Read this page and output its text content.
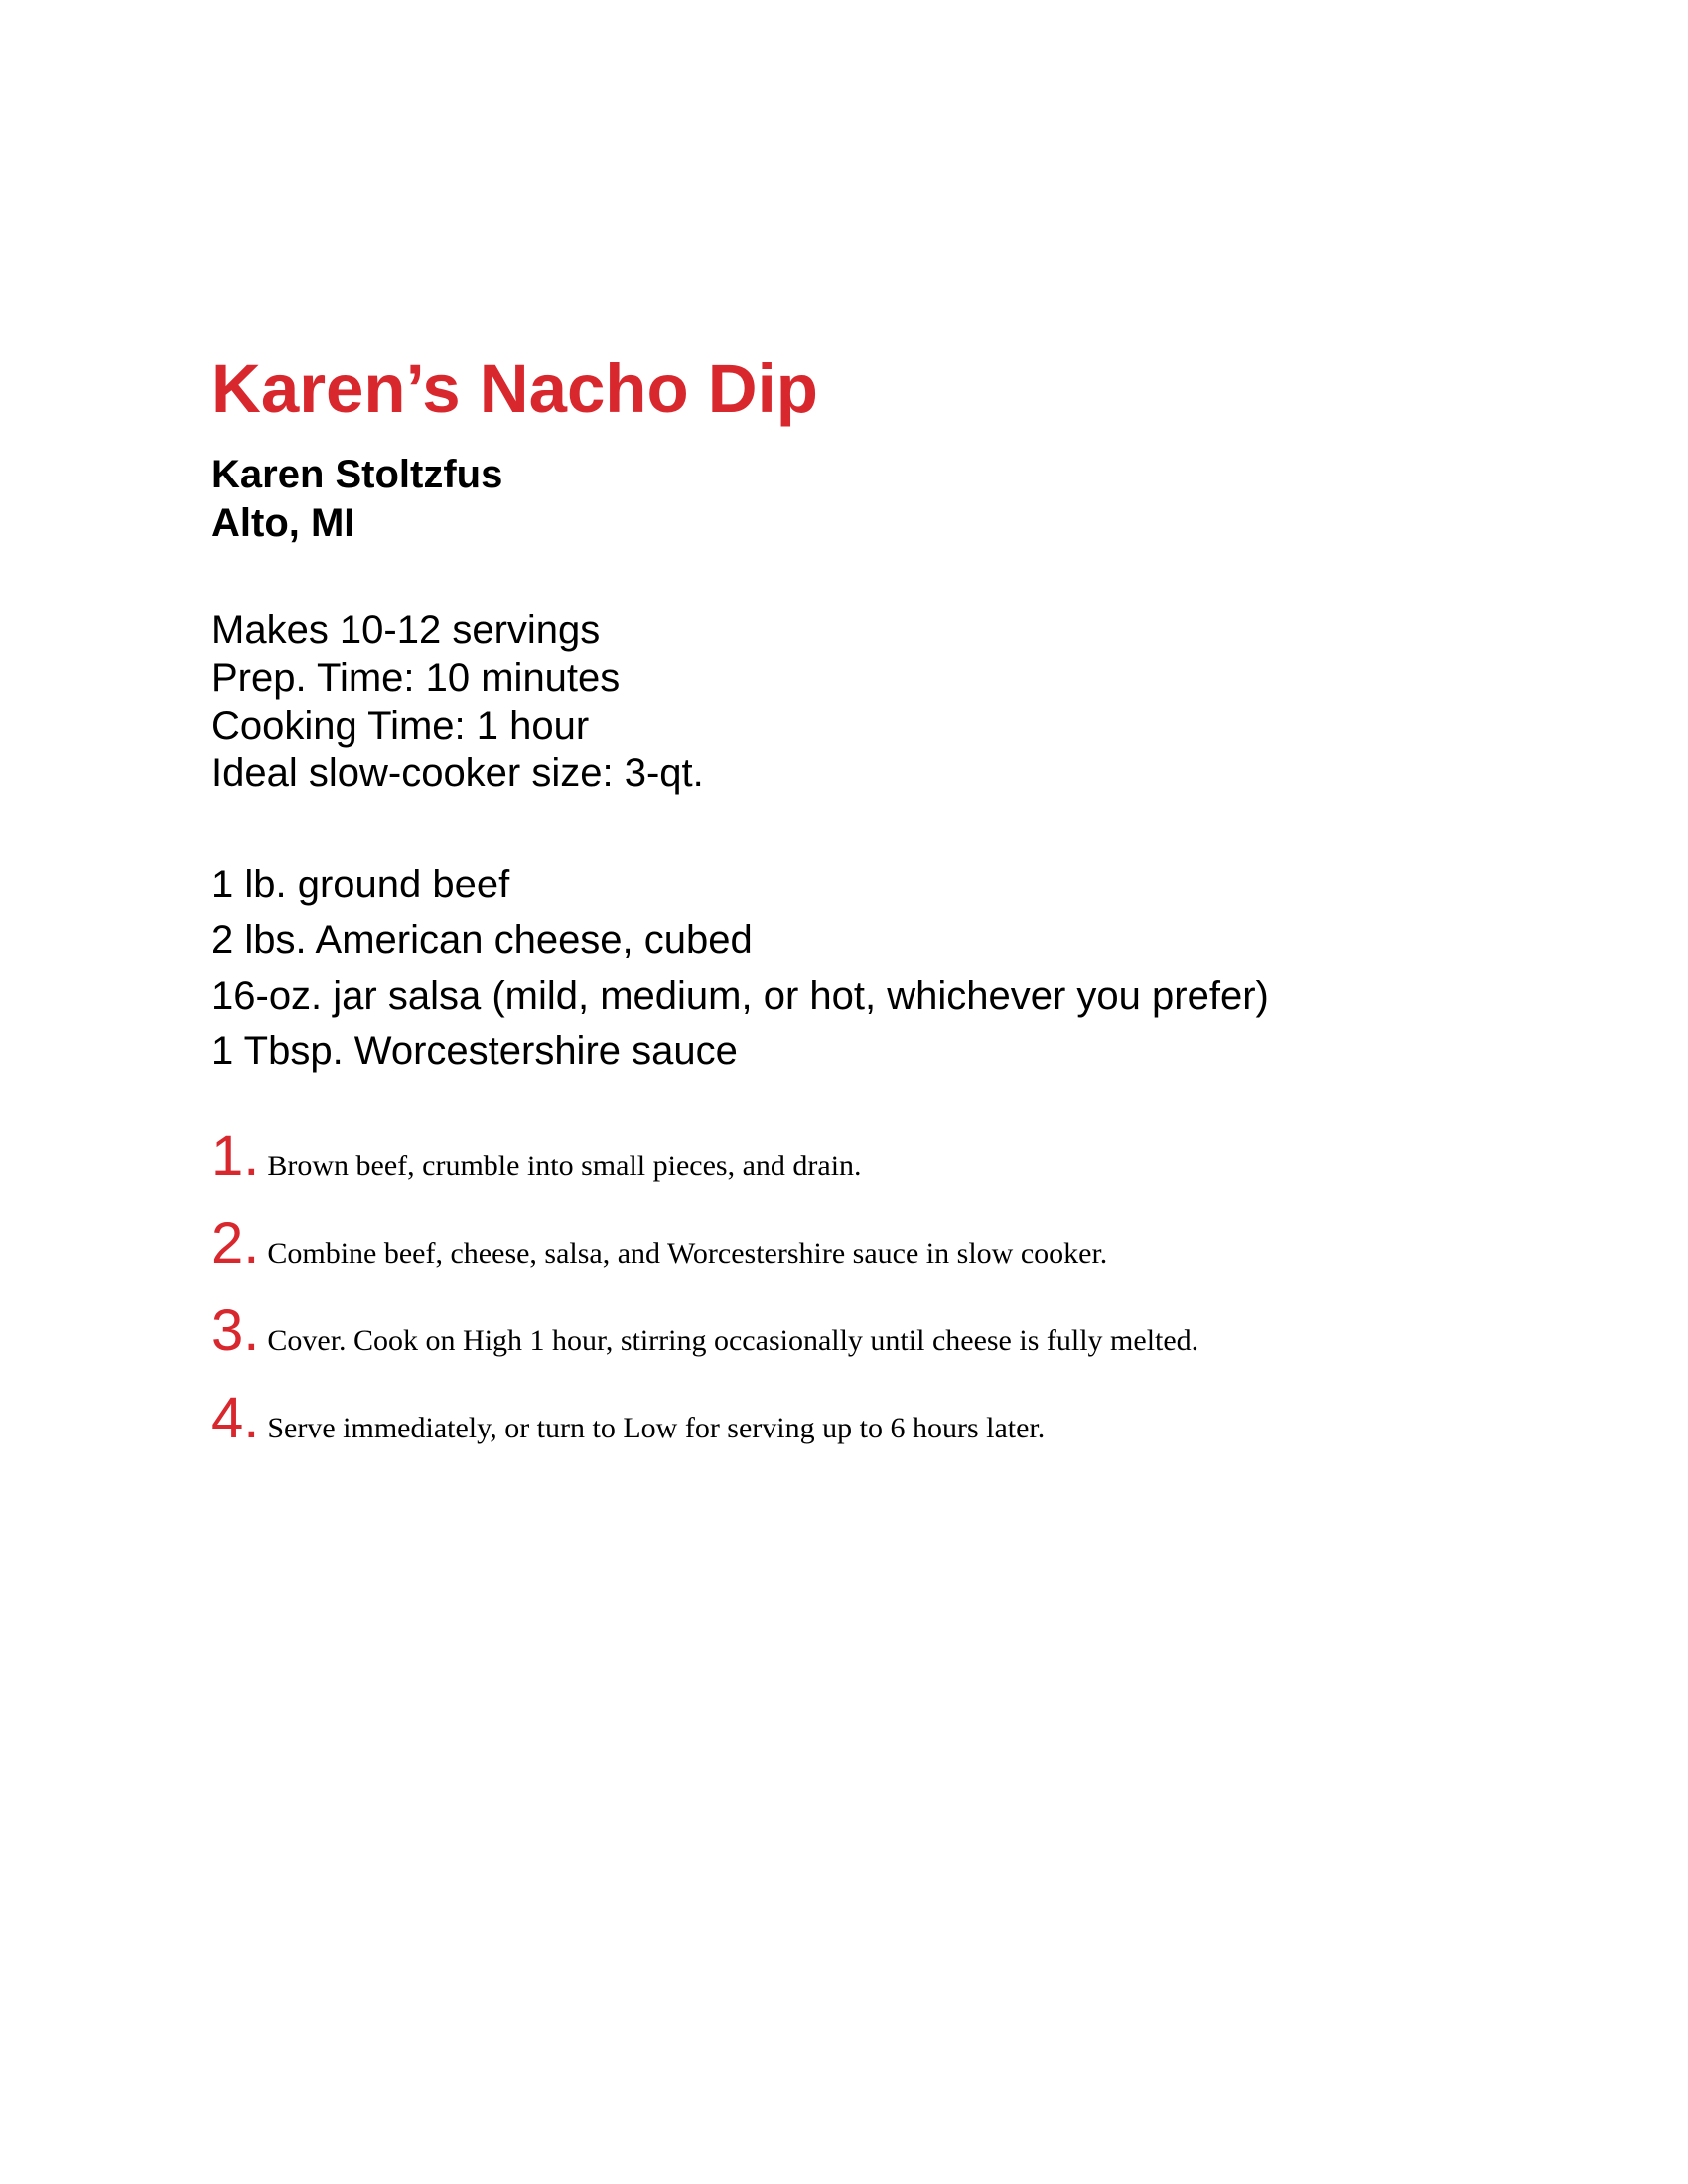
Karen’s Nacho Dip
Karen Stoltzfus
Alto, MI
Makes 10-12 servings
Prep. Time: 10 minutes
Cooking Time: 1 hour
Ideal slow-cooker size: 3-qt.
1 lb. ground beef
2 lbs. American cheese, cubed
16-oz. jar salsa (mild, medium, or hot, whichever you prefer)
1 Tbsp. Worcestershire sauce
1. Brown beef, crumble into small pieces, and drain.
2. Combine beef, cheese, salsa, and Worcestershire sauce in slow cooker.
3. Cover. Cook on High 1 hour, stirring occasionally until cheese is fully melted.
4. Serve immediately, or turn to Low for serving up to 6 hours later.
